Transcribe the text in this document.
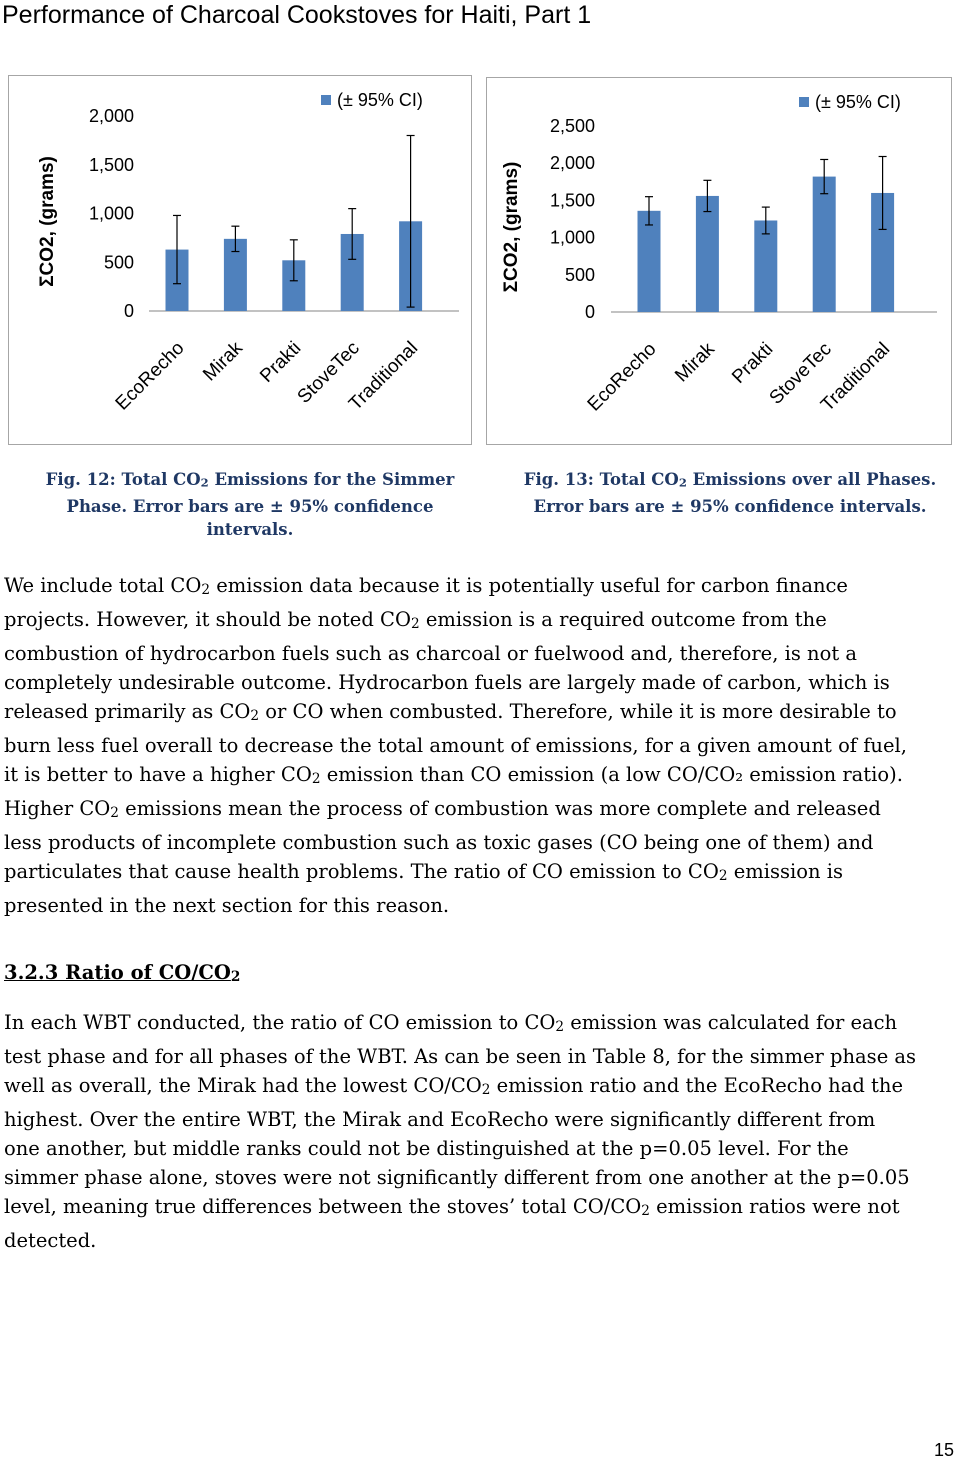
Performance of Charcoal Cookstoves for Haiti, Part 1
ΣCO2, (grams)
0
500
1,000
1,500
2,000
EcoRecho Mirak Prakti
StoveTec
Traditional
(± 95% CI)
ΣCO2, (grams)
0
500
1,000
1,500
2,000
2,500
EcoRecho Mirak Prakti
StoveTec
Traditional
(± 95% CI)
Fig. 12: Total $CO_2$ Emissions for the Simmer
Phase. Error bars are ± 95% confidence
intervals.
Fig. 13: Total $CO_2$ Emissions over all Phases.
Error bars are ± 95% confidence intervals.

We include total $CO_2$ emission data because it is potentially useful for carbon finance
projects. However, it should be noted $CO_2$ emission is a required outcome from the
combustion of hydrocarbon fuels such as charcoal or fuelwood and, therefore, is not a
completely undesirable outcome. Hydrocarbon fuels are largely made of carbon, which is
released primarily as $CO_2$ or CO when combusted. Therefore, while it is more desirable to
burn less fuel overall to decrease the total amount of emissions, for a given amount of fuel,
it is better to have a higher $CO_2$ emission than CO emission (a low CO/CO₂ emission ratio).
Higher $CO_2$ emissions mean the process of combustion was more complete and released
less products of incomplete combustion such as toxic gases (CO being one of them) and
particulates that cause health problems. The ratio of CO emission to $CO_2$ emission is
presented in the next section for this reason.

3.2.3 Ratio of $CO/CO_2$

In each WBT conducted, the ratio of CO emission to $CO_2$ emission was calculated for each
test phase and for all phases of the WBT. As can be seen in Table 8, for the simmer phase as
well as overall, the Mirak had the lowest $CO/CO_2$ emission ratio and the EcoRecho had the
highest. Over the entire WBT, the Mirak and EcoRecho were significantly different from
one another, but middle ranks could not be distinguished at the p=0.05 level. For the
simmer phase alone, stoves were not significantly different from one another at the p=0.05
level, meaning true differences between the stoves’ total $CO/CO_2$ emission ratios were not
detected.

15
